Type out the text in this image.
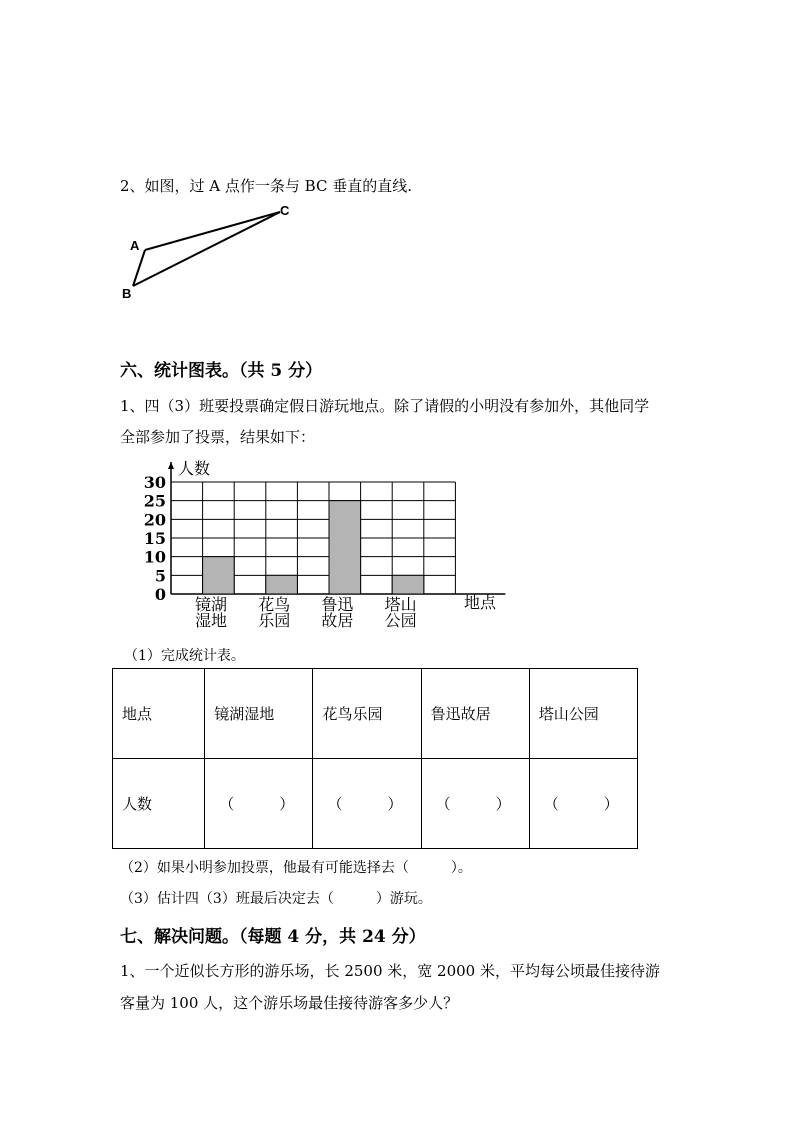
2、如图，过 A 点作一条与 BC 垂直的直线.
A
B
C
六、统计图表。（共 5 分）
1、四（3）班要投票确定假日游玩地点。除了请假的小明没有参加外，其他同学
全部参加了投票，结果如下：
0
5
10
15
20
25
30
人数
镜湖
湿地
花鸟
乐园
鲁迅
故居
塔山
公园
地点
（1）完成统计表。
地点	镜湖湿地	花鸟乐园	鲁迅故居	塔山公园
人数	（　　　）	（　　　）	（　　　）	（　　　）
（2）如果小明参加投票，他最有可能选择去（　　　）。
（3）估计四（3）班最后决定去（　　　）游玩。
七、解决问题。（每题 4 分，共 24 分）
1、一个近似长方形的游乐场，长 2500 米，宽 2000 米，平均每公顷最佳接待游
客量为 100 人，这个游乐场最佳接待游客多少人？
